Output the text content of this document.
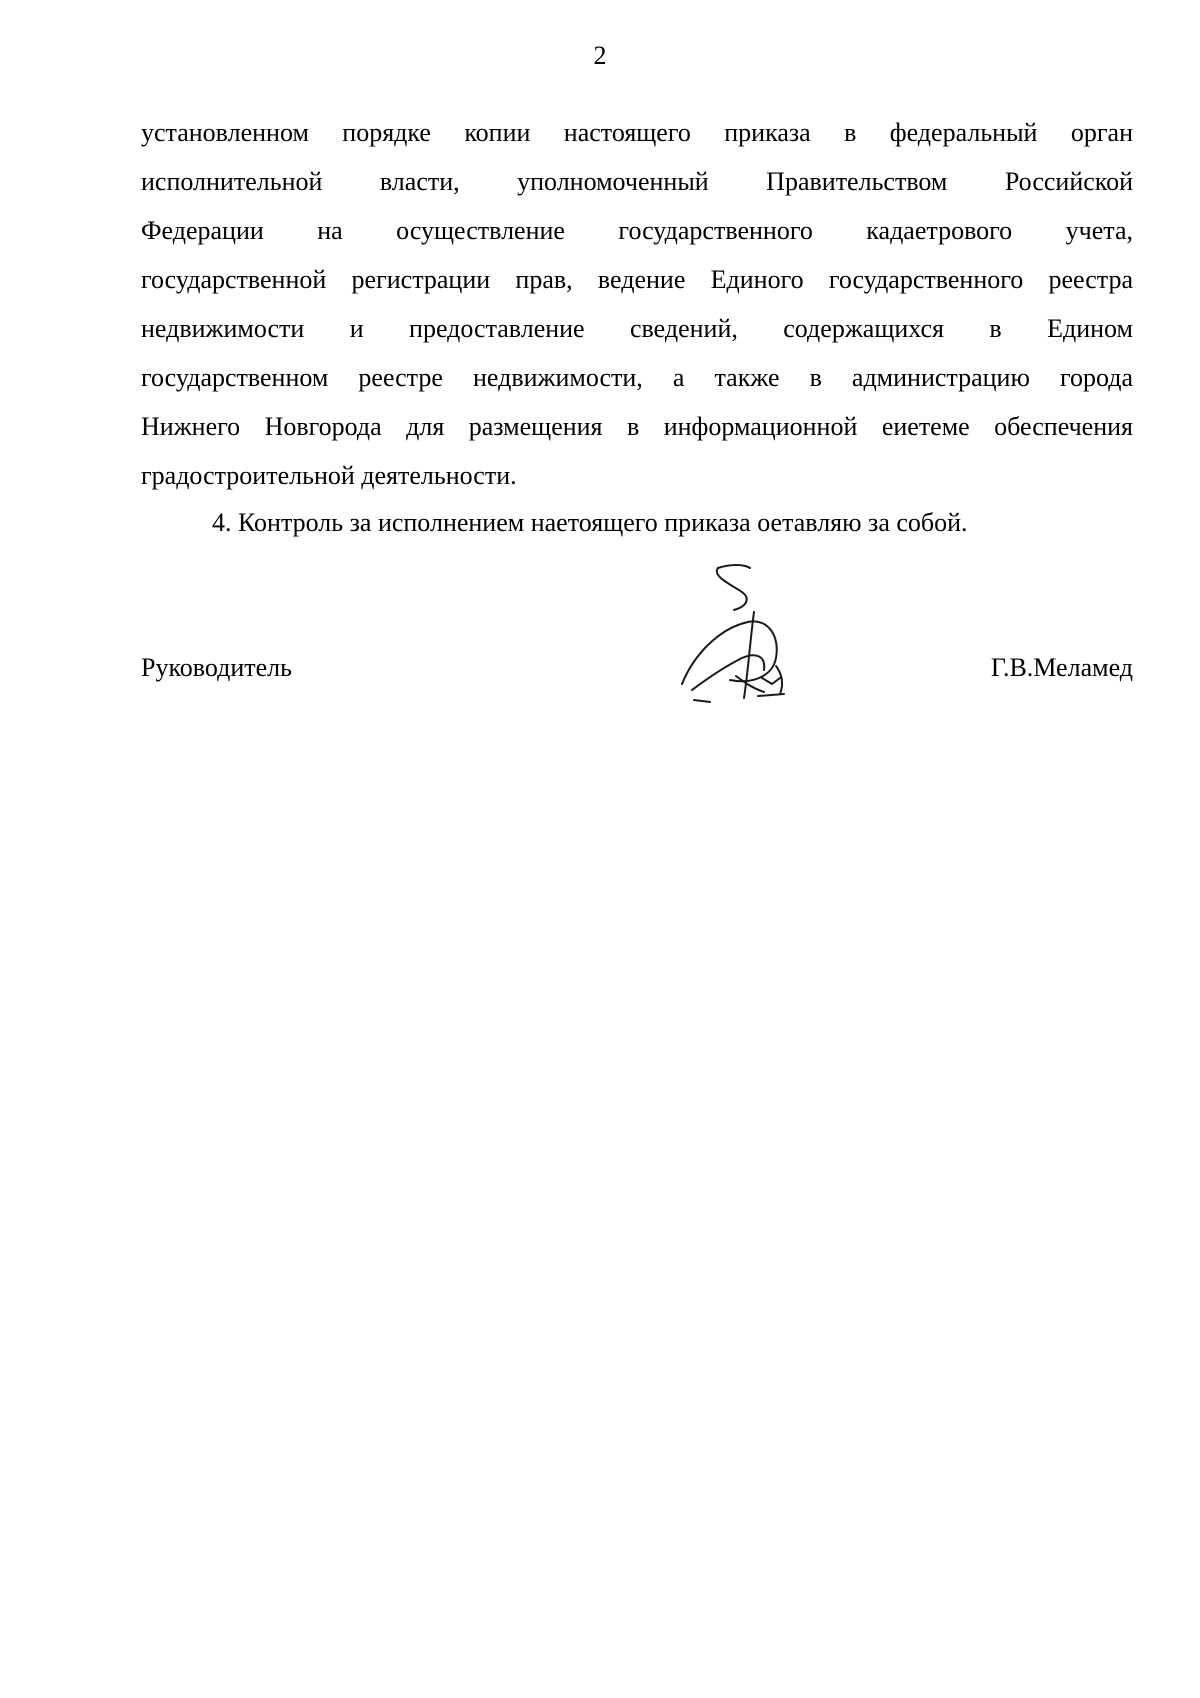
2
установленном порядке копии настоящего приказа в федеральный орган
исполнительной власти, уполномоченный Правительством Российской
Федерации на осуществление государственного кадаетрового учета,
государственной регистрации прав, ведение Единого государственного реестра
недвижимости и предоставление сведений, содержащихся в Едином
государственном реестре недвижимости, а также в администрацию города
Нижнего Новгорода для размещения в информационной еиетеме обеспечения
градостроительной деятельности.
4. Контроль за исполнением наетоящего приказа оетавляю за собой.
Руководитель	Г.В.Меламед
